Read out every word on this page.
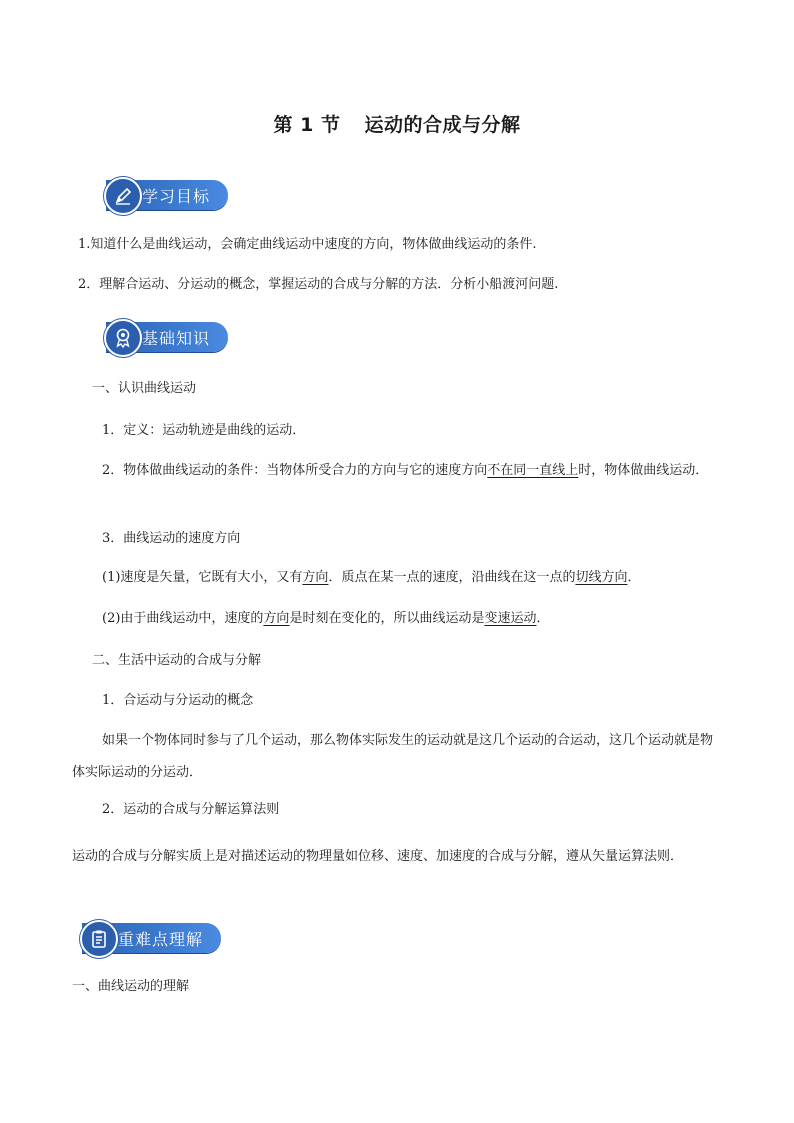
第 1 节 运动的合成与分解
学习目标
1.知道什么是曲线运动，会确定曲线运动中速度的方向，物体做曲线运动的条件.
2．理解合运动、分运动的概念，掌握运动的合成与分解的方法．分析小船渡河问题.
基础知识
一、认识曲线运动
1．定义：运动轨迹是曲线的运动．
2．物体做曲线运动的条件：当物体所受合力的方向与它的速度方向不在同一直线上时，物体做曲线运动．
3．曲线运动的速度方向
(1)速度是矢量，它既有大小，又有方向．质点在某一点的速度，沿曲线在这一点的切线方向．
(2)由于曲线运动中，速度的方向是时刻在变化的，所以曲线运动是变速运动．
二、生活中运动的合成与分解
1．合运动与分运动的概念
如果一个物体同时参与了几个运动，那么物体实际发生的运动就是这几个运动的合运动，这几个运动就是物体实际运动的分运动．
2．运动的合成与分解运算法则
运动的合成与分解实质上是对描述运动的物理量如位移、速度、加速度的合成与分解，遵从矢量运算法则．
重难点理解
一、曲线运动的理解
